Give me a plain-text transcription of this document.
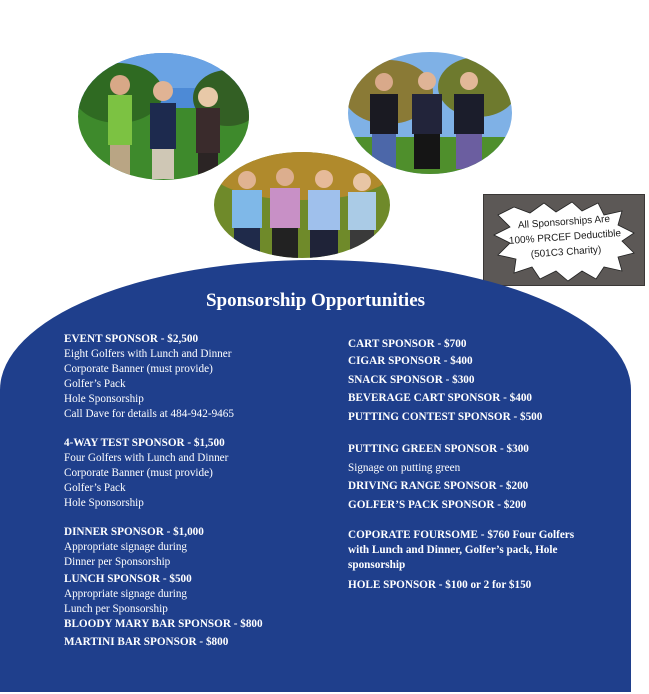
All Sponsorships Are
100% PRCEF Deductible
(501C3 Charity)
Sponsorship Opportunities
EVENT SPONSOR - $2,500
Eight Golfers with Lunch and Dinner
Corporate Banner (must provide)
Golfer’s Pack
Hole Sponsorship
Call Dave for details at 484-942-9465
4-WAY TEST SPONSOR - $1,500
Four Golfers with Lunch and Dinner
Corporate Banner (must provide)
Golfer’s Pack
Hole Sponsorship
DINNER SPONSOR - $1,000
Appropriate signage during
Dinner per Sponsorship
LUNCH SPONSOR - $500
Appropriate signage during
Lunch per Sponsorship
BLOODY MARY BAR SPONSOR - $800
MARTINI BAR SPONSOR - $800
CART SPONSOR - $700
CIGAR SPONSOR - $400
SNACK SPONSOR - $300
BEVERAGE CART SPONSOR - $400
PUTTING CONTEST SPONSOR - $500
PUTTING GREEN SPONSOR - $300
Signage on putting green
DRIVING RANGE SPONSOR - $200
GOLFER’S PACK SPONSOR - $200
COPORATE FOURSOME - $760 Four Golfers
with Lunch and Dinner, Golfer’s pack, Hole
sponsorship
HOLE SPONSOR - $100 or 2 for $150
